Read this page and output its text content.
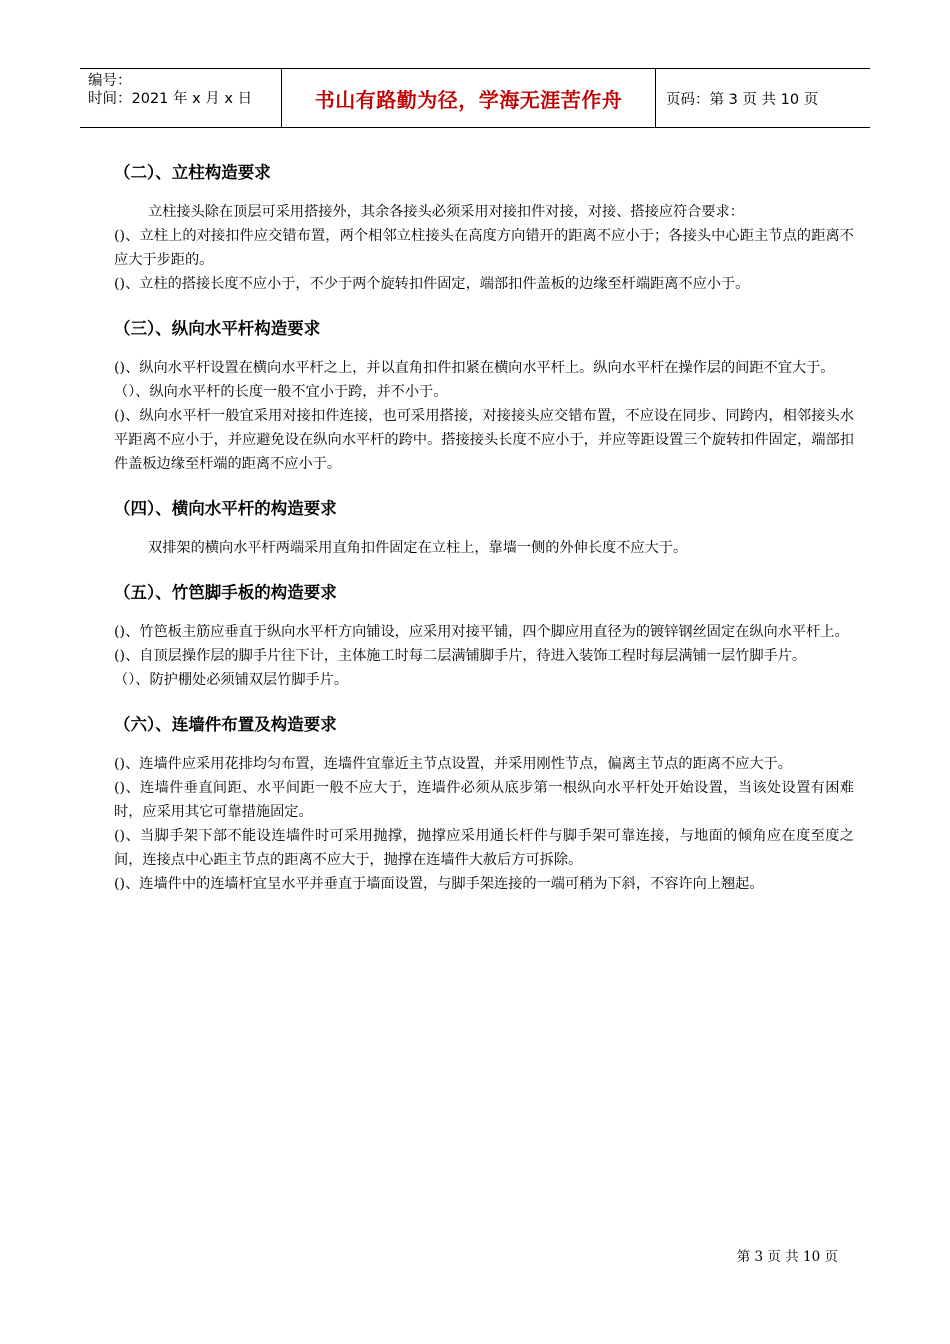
编号：
时间：2021 年 x 月 x 日	书山有路勤为径，学海无涯苦作舟	页码：第 3 页 共 10 页
（二）、立柱构造要求
立柱接头除在顶层可采用搭接外，其余各接头必须采用对接扣件对接，对接、搭接应符合要求：
()、立柱上的对接扣件应交错布置，两个相邻立柱接头在高度方向错开的距离不应小于；各接头中心距主节点的距离不应大于步距的。
()、立柱的搭接长度不应小于，不少于两个旋转扣件固定，端部扣件盖板的边缘至杆端距离不应小于。
（三）、纵向水平杆构造要求
()、纵向水平杆设置在横向水平杆之上，并以直角扣件扣紧在横向水平杆上。纵向水平杆在操作层的间距不宜大于。
（）、纵向水平杆的长度一般不宜小于跨，并不小于。
()、纵向水平杆一般宜采用对接扣件连接，也可采用搭接，对接接头应交错布置，不应设在同步、同跨内，相邻接头水平距离不应小于，并应避免设在纵向水平杆的跨中。搭接接头长度不应小于，并应等距设置三个旋转扣件固定，端部扣件盖板边缘至杆端的距离不应小于。
（四）、横向水平杆的构造要求
双排架的横向水平杆两端采用直角扣件固定在立柱上，靠墙一侧的外伸长度不应大于。
（五）、竹笆脚手板的构造要求
()、竹笆板主筋应垂直于纵向水平杆方向铺设，应采用对接平铺，四个脚应用直径为的镀锌钢丝固定在纵向水平杆上。
()、自顶层操作层的脚手片往下计，主体施工时每二层满铺脚手片，待进入装饰工程时每层满铺一层竹脚手片。
（）、防护棚处必须铺双层竹脚手片。
（六）、连墙件布置及构造要求
()、连墙件应采用花排均匀布置，连墙件宜靠近主节点设置，并采用刚性节点，偏离主节点的距离不应大于。
()、连墙件垂直间距、水平间距一般不应大于，连墙件必须从底步第一根纵向水平杆处开始设置，当该处设置有困难时，应采用其它可靠措施固定。
()、当脚手架下部不能设连墙件时可采用抛撑，抛撑应采用通长杆件与脚手架可靠连接，与地面的倾角应在度至度之间，连接点中心距主节点的距离不应大于，抛撑在连墙件大赦后方可拆除。
()、连墙件中的连墙杆宜呈水平并垂直于墙面设置，与脚手架连接的一端可稍为下斜，不容许向上翘起。
第 3 页 共 10 页
